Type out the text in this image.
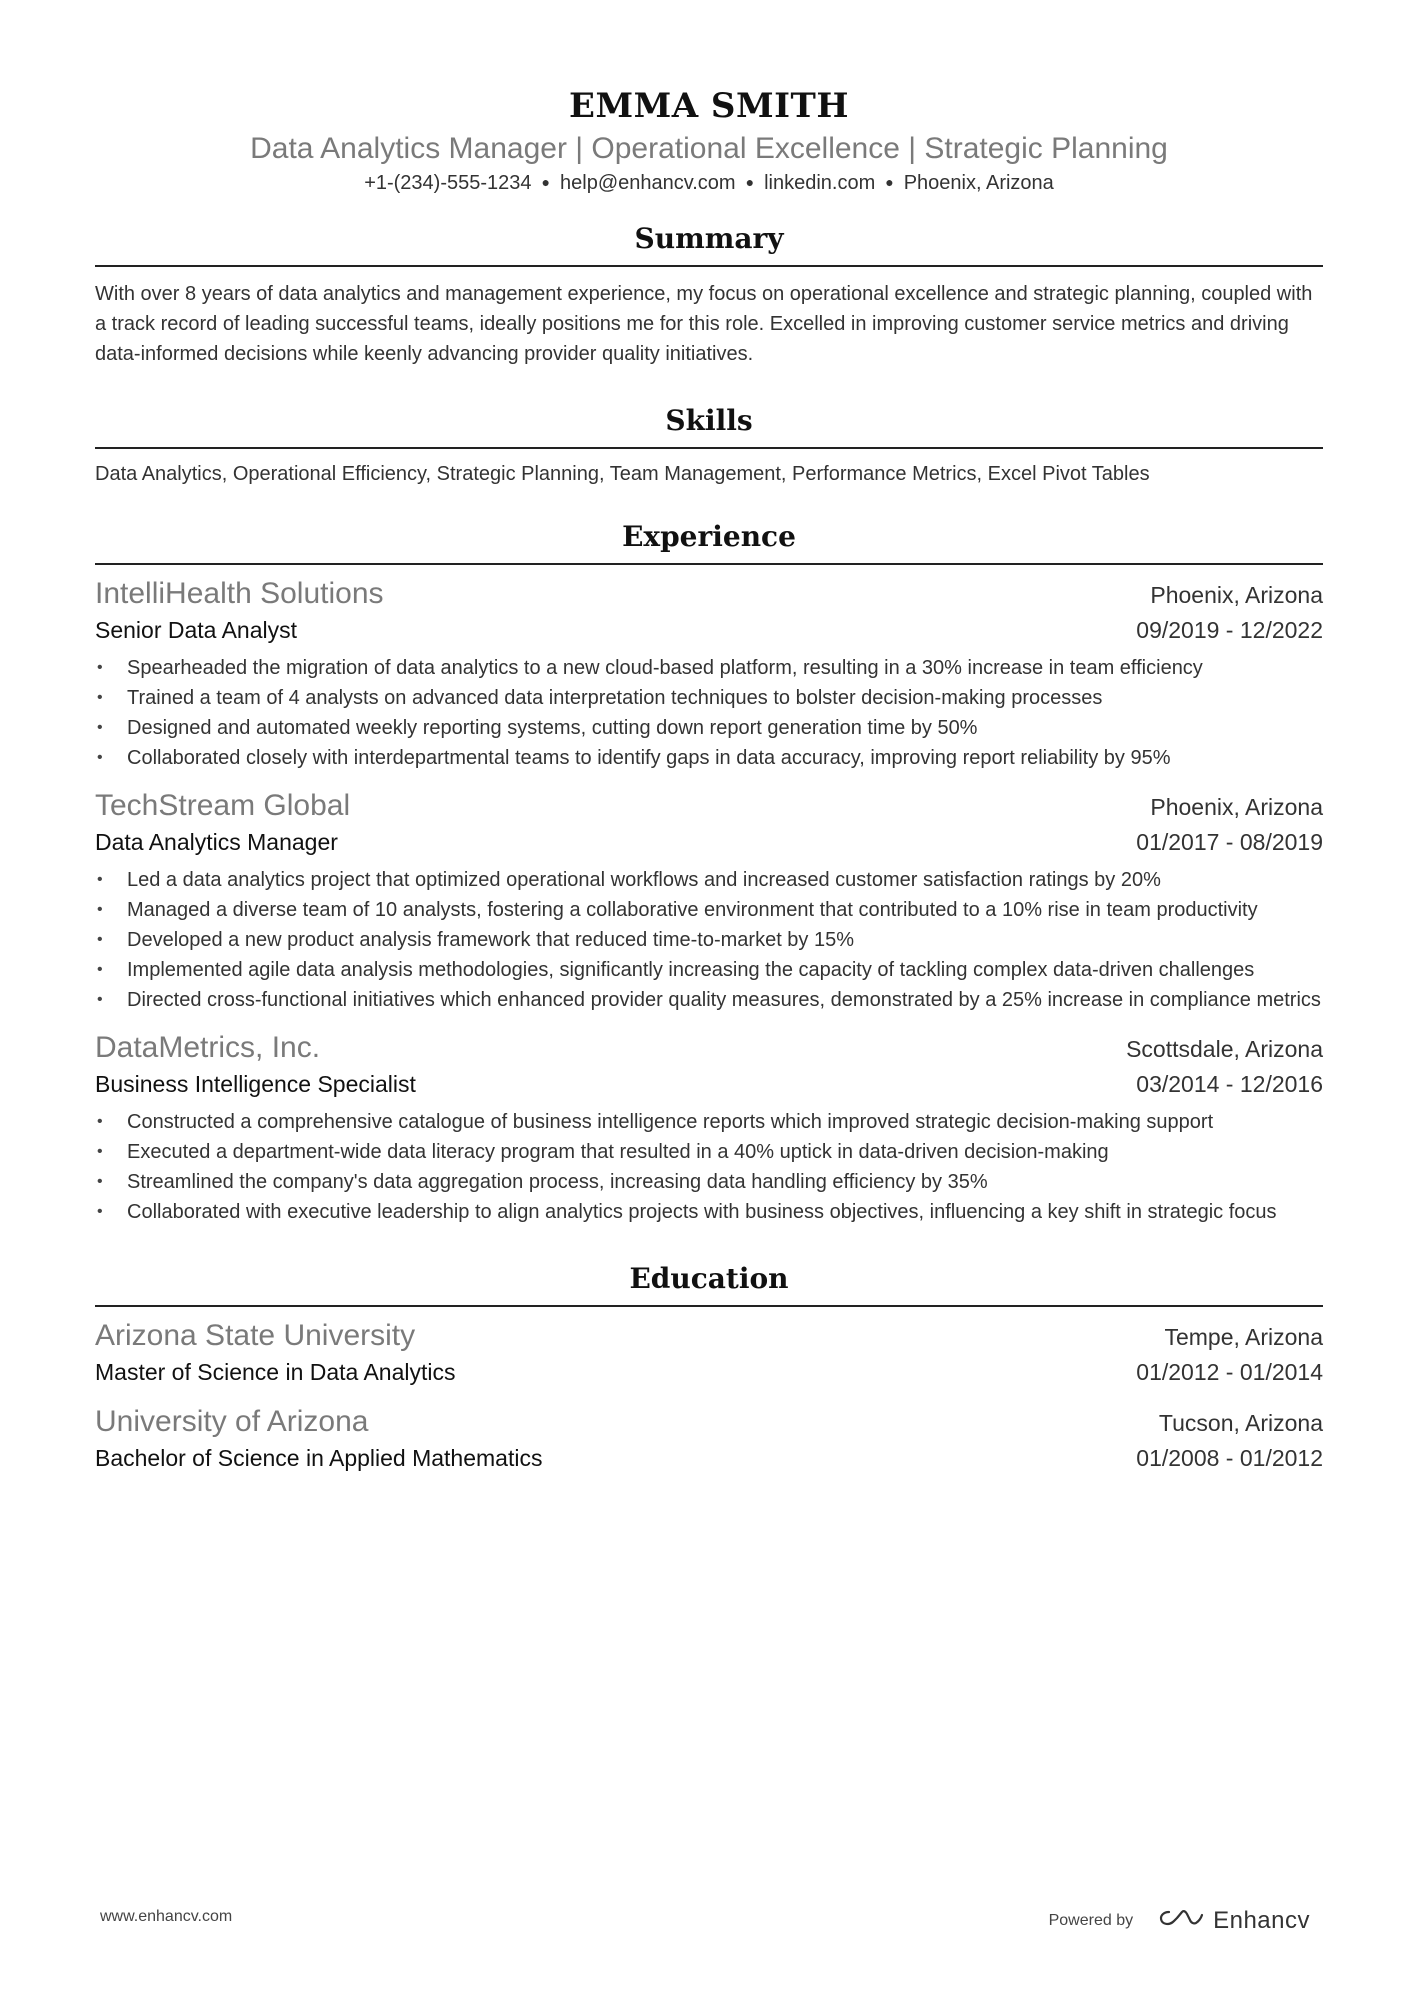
EMMA SMITH
Data Analytics Manager | Operational Excellence | Strategic Planning
+1-(234)-555-1234 ● help@enhancv.com ● linkedin.com ● Phoenix, Arizona
Summary
With over 8 years of data analytics and management experience, my focus on operational excellence and strategic planning, coupled with a track record of leading successful teams, ideally positions me for this role. Excelled in improving customer service metrics and driving data-informed decisions while keenly advancing provider quality initiatives.
Skills
Data Analytics, Operational Efficiency, Strategic Planning, Team Management, Performance Metrics, Excel Pivot Tables
Experience
IntelliHealth Solutions	Phoenix, Arizona
Senior Data Analyst	09/2019 - 12/2022
• Spearheaded the migration of data analytics to a new cloud-based platform, resulting in a 30% increase in team efficiency
• Trained a team of 4 analysts on advanced data interpretation techniques to bolster decision-making processes
• Designed and automated weekly reporting systems, cutting down report generation time by 50%
• Collaborated closely with interdepartmental teams to identify gaps in data accuracy, improving report reliability by 95%
TechStream Global	Phoenix, Arizona
Data Analytics Manager	01/2017 - 08/2019
• Led a data analytics project that optimized operational workflows and increased customer satisfaction ratings by 20%
• Managed a diverse team of 10 analysts, fostering a collaborative environment that contributed to a 10% rise in team productivity
• Developed a new product analysis framework that reduced time-to-market by 15%
• Implemented agile data analysis methodologies, significantly increasing the capacity of tackling complex data-driven challenges
• Directed cross-functional initiatives which enhanced provider quality measures, demonstrated by a 25% increase in compliance metrics
DataMetrics, Inc.	Scottsdale, Arizona
Business Intelligence Specialist	03/2014 - 12/2016
• Constructed a comprehensive catalogue of business intelligence reports which improved strategic decision-making support
• Executed a department-wide data literacy program that resulted in a 40% uptick in data-driven decision-making
• Streamlined the company's data aggregation process, increasing data handling efficiency by 35%
• Collaborated with executive leadership to align analytics projects with business objectives, influencing a key shift in strategic focus
Education
Arizona State University	Tempe, Arizona
Master of Science in Data Analytics	01/2012 - 01/2014
University of Arizona	Tucson, Arizona
Bachelor of Science in Applied Mathematics	01/2008 - 01/2012
www.enhancv.com	Powered by	Enhancv
